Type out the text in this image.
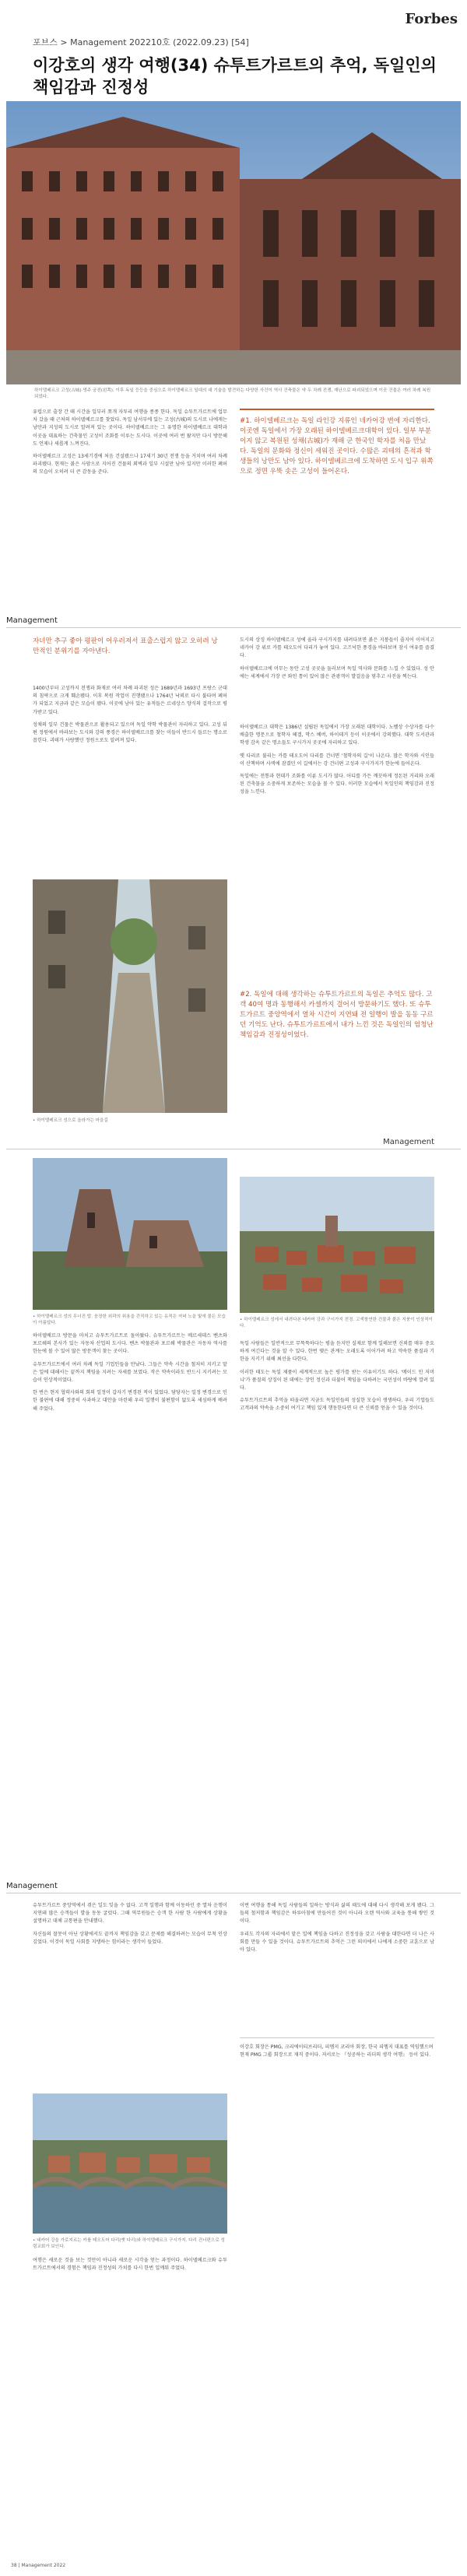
Forbes
포브스 > Management 202210호 (2022.09.23) [54]
이강호의 생각 여행(34) 슈투트가르트의 추억, 독일인의 책임감과 진정성
하이델베르크 고성(古城)·영주 궁전(왼쪽). 이후 독일 등등을 중심으로 하이델베르크 일대의 대 기술을 발견하는 다양한 사건이 역사 건축물은 약 두 차례 전쟁, 재난으로 파괴되었으며 이곳 건물은 여러 차례 복원되었다.

유럽으로 출장 간 때 시간을 일부러 쪼개 자투리 여행을 종종 한다. 독일 슈투트가르트에 업무 차 갔을 때 근처의 하이델베르크를 찾았다. 독일 남서부에 있는 고성(古城)의 도시로 나에게는 낭만과 지성의 도시로 알려져 있는 곳이다. 하이델베르크는 그 유명한 하이델베르크 대학과 이곳을 대표하는 건축물인 고성이 조화를 이루는 도시다. 이곳에 여러 번 왔지만 다시 방문해도 언제나 새롭게 느껴진다.

하이델베르크 고성은 13세기경에 처음 건설됐으나 17세기 30년 전쟁 등을 거치며 여러 차례 파괴됐다. 현재는 붉은 사암으로 지어진 건물의 외벽과 일부 시설만 남아 있지만 이러한 폐허의 모습이 오히려 더 큰 감동을 준다.

#1. 하이델베르크는 독일 라인강 지류인 네카어강 변에 자리한다. 이곳엔 독일에서 가장 오래된 하이델베르크대학이 있다. 일부 부분이지 않고 복원된 성채(古城)가 재해 군 한국인 학자를 처음 만났다. 독일의 문화와 정신이 세워진 곳이다. 수많은 괴테의 흔적과 학생들의 낭만도 남아 있다. 하이델베르크에 도착하면 도시 입구 위쪽으로 정면 우뚝 솟은 고성이 들어온다.
Management
자녀만 추구 좋아 평판이 어우러져서 표출스럽지 않고 오히려 낭만적인 분위기를 자아낸다.

1400년부터 고성까지 전쟁과 화재로 여러 차례 파괴된 성은 1689년과 1693년 프랑스 군대의 침략으로 크게 훼손됐다. 이후 복원 작업이 진행됐으나 1764년 낙뢰로 다시 불타며 폐허가 되었고 지금과 같은 모습이 됐다. 이곳에 남아 있는 유적들은 르네상스 양식의 걸작으로 평가받고 있다.

성채의 일부 건물은 박물관으로 활용되고 있으며 독일 약학 박물관이 자리하고 있다. 고성 뒤편 정원에서 바라보는 도시와 강의 풍경은 하이델베르크를 찾는 이들이 반드시 들르는 명소로 꼽힌다. 괴테가 사랑했던 정원으로도 알려져 있다.

• 하이델베르크 성으로 올라가는 마을길

도시의 상징 하이델베르크 성에 올라 구시가지를 내려다보면 붉은 지붕들이 줄지어 이어지고 네카어 강 위로 카를 테오도어 다리가 놓여 있다. 고즈넉한 풍경을 바라보며 잠시 여유를 즐겼다.

하이델베르크에 머무는 동안 고성 곳곳을 둘러보며 독일 역사와 문화를 느낄 수 있었다. 성 안에는 세계에서 가장 큰 와인 통이 있어 많은 관광객이 발걸음을 멈추고 사진을 찍는다.

하이델베르크 대학은 1386년 설립된 독일에서 가장 오래된 대학이다. 노벨상 수상자를 다수 배출한 명문으로 철학자 헤겔, 막스 베버, 하이데거 등이 이곳에서 강의했다. 대학 도서관과 학생 감옥 같은 명소들도 구시가지 곳곳에 자리하고 있다.

옛 다리로 불리는 카를 테오도어 다리를 건너면 '철학자의 길'이 나온다. 많은 학자와 시인들이 산책하며 사색에 잠겼던 이 길에서는 강 건너편 고성과 구시가지가 한눈에 들어온다.

독일에는 전통과 현대가 조화를 이룬 도시가 많다. 어디를 가든 깨끗하게 정돈된 거리와 오래된 건축물을 소중하게 보존하는 모습을 볼 수 있다. 이러한 모습에서 독일인의 책임감과 진정성을 느낀다.

#2. 독일에 대해 생각하는 슈투트가르트의 독일은 추억도 많다. 고객 40여 명과 동행해서 카셀까지 걸어서 방문하기도 했다. 또 슈투트가르트 중앙역에서 열차 시간이 지연돼 전 일행이 발을 동동 구르던 기억도 난다. 슈투트가르트에서 내가 느낀 것은 독일인의 엄청난 책임감과 진정성이었다.
Management
• 하이델베르크 성의 무너진 탑. 웅장한 외곽의 위용을 간직하고 있는 유적은 저녁 노을 빛에 물든 모습이 아름답다.
• 하이델베르크 성에서 내려다본 네카어 강과 구시가지 전경. 고색창연한 건물과 붉은 지붕이 인상적이다.

하이델베르크 방문을 마치고 슈투트가르트로 돌아왔다. 슈투트가르트는 메르세데스 벤츠와 포르쉐의 본사가 있는 자동차 산업의 도시다. 벤츠 박물관과 포르쉐 박물관은 자동차 역사를 한눈에 볼 수 있어 많은 방문객이 찾는 곳이다.

슈투트가르트에서 여러 차례 독일 기업인들을 만났다. 그들은 약속 시간을 철저히 지키고 맡은 일에 대해서는 끝까지 책임을 지려는 자세를 보였다. 작은 약속이라도 반드시 지키려는 모습이 인상적이었다.

한 번은 현지 협력사와의 회의 일정이 갑자기 변경된 적이 있었다. 담당자는 일정 변경으로 인한 불편에 대해 정중히 사과하고 대안을 마련해 우리 일행이 불편함이 없도록 세심하게 배려해 주었다.

독일 사람들은 일반적으로 무뚝뚝하다는 평을 듣지만 실제로 함께 일해보면 신뢰를 매우 중요하게 여긴다는 것을 알 수 있다. 한번 맺은 관계는 오래도록 이어가려 하고 약속한 품질과 기한을 지키기 위해 최선을 다한다.

이러한 태도는 독일 제품이 세계적으로 높은 평가를 받는 이유이기도 하다. '메이드 인 저머니'가 품질의 상징이 된 데에는 장인 정신과 더불어 책임을 다하려는 국민성이 바탕에 깔려 있다.

슈투트가르트의 추억을 떠올리면 지금도 독일인들의 성실한 모습이 생생하다. 우리 기업들도 고객과의 약속을 소중히 여기고 책임 있게 행동한다면 더 큰 신뢰를 얻을 수 있을 것이다.

Management

슈투트가르트 중앙역에서 겪은 일도 잊을 수 없다. 고객 일행과 함께 이동하던 중 열차 운행이 지연돼 많은 승객들이 발을 동동 굴렀다. 그때 역무원들은 승객 한 사람 한 사람에게 상황을 설명하고 대체 교통편을 안내했다.

자신들의 잘못이 아닌 상황에서도 끝까지 책임감을 갖고 문제를 해결하려는 모습이 무척 인상 깊었다. 이것이 독일 사회를 지탱하는 힘이라는 생각이 들었다.

• 네카어 강을 가로지르는 카를 테오도어 다리(옛 다리)와 하이델베르크 구시가지. 다리 건너편으로 성령교회가 보인다.

여행은 새로운 것을 보는 것만이 아니라 새로운 시각을 얻는 과정이다. 하이델베르크와 슈투트가르트에서의 경험은 책임과 진정성의 가치를 다시 한번 일깨워 주었다.

이번 여행을 통해 독일 사람들의 일하는 방식과 삶의 태도에 대해 다시 생각해 보게 됐다. 그들의 철저함과 책임감은 하루아침에 만들어진 것이 아니라 오랜 역사와 교육을 통해 쌓인 것이다.

우리도 각자의 자리에서 맡은 일에 책임을 다하고 진정성을 갖고 사람을 대한다면 더 나은 사회를 만들 수 있을 것이다. 슈투트가르트의 추억은 그런 의미에서 나에게 소중한 교훈으로 남아 있다.

이강호 회장은 PMG, 크리에이티브리더, 피엠지 코리아 회장, 한국 피엠지 대표를 역임했으며 현재 PMG 그룹 회장으로 재직 중이다. 저서로는 『성공하는 리더의 생각 여행』 등이 있다.
38 | Management 2022
